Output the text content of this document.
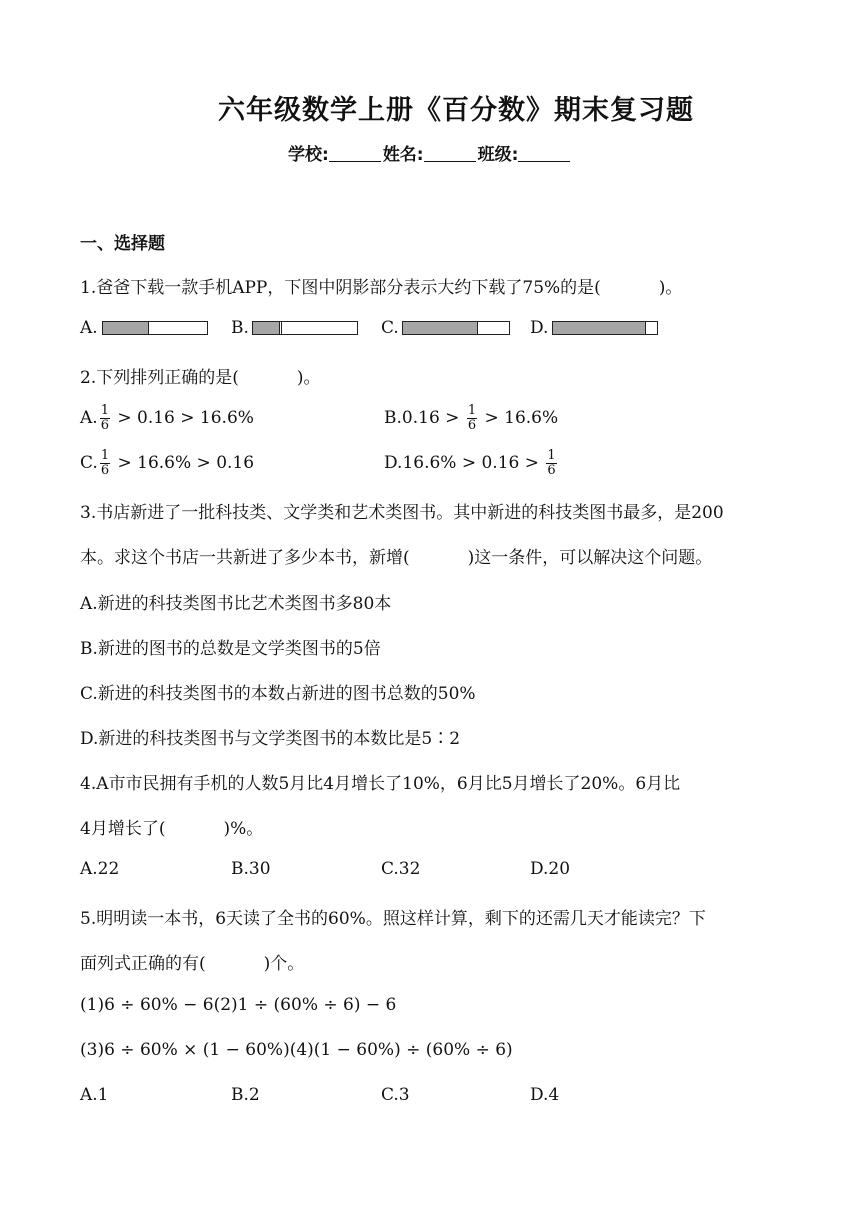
六年级数学上册《百分数》期末复习题
学校:	姓名:	班级:
一、选择题
1.爸爸下载一款手机APP，下图中阴影部分表示大约下载了75%的是(	)。
A.	B.	C.	D.
2.下列排列正确的是(	)。
A. $\frac{1}{6} > 0.16 > 16.6\%$	$B.0.16 > \frac{1}{6} > 16.6\%$
C. $\frac{1}{6} > 16.6\% > 0.16$	$D.16.6\% > 0.16 > \frac{1}{6}$
3.书店新进了一批科技类、文学类和艺术类图书。其中新进的科技类图书最多，是200
本。求这个书店一共新进了多少本书，新增(	)这一条件，可以解决这个问题。
A.新进的科技类图书比艺术类图书多80本
B.新进的图书的总数是文学类图书的5倍
C.新进的科技类图书的本数占新进的图书总数的50%
D.新进的科技类图书与文学类图书的本数比是5∶2
4.A市市民拥有手机的人数5月比4月增长了10%，6月比5月增长了20%。6月比
4月增长了(	)%。
A.22	B.30	C.32	D.20
5.明明读一本书，6天读了全书的60%。照这样计算，剩下的还需几天才能读完？下
面列式正确的有(	)个。
(1)6 ÷ 60% − 6(2)1 ÷ (60% ÷ 6) − 6
(3)6 ÷ 60% × (1 − 60%)(4)(1 − 60%) ÷ (60% ÷ 6)
A.1	B.2	C.3	D.4
